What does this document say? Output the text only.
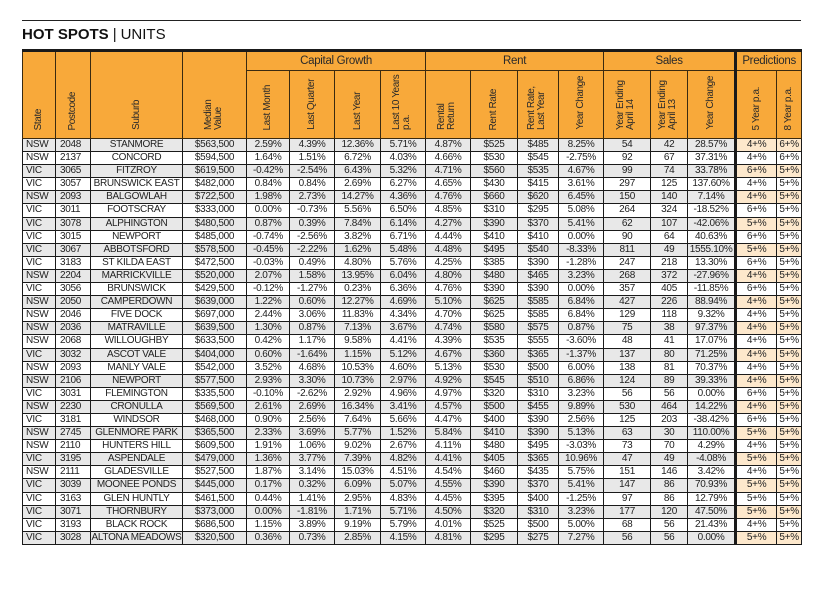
HOT SPOTS | UNITS
State	Postcode	Suburb	Median Value	Capital Growth				Rent				Sales			Predictions	
				Last Month	Last Quarter	Last Year	Last 10 Years p.a.	Rental Return	Rent Rate	Rent Rate, Last Year	Year Change	Year Ending April 14	Year Ending April 13	Year Change	5 Year p.a.	8 Year p.a.
NSW	2048	STANMORE	$563,500	2.59%	4.39%	12.36%	5.71%	4.87%	$525	$485	8.25%	54	42	28.57%	4+%	6+%
NSW	2137	CONCORD	$594,500	1.64%	1.51%	6.72%	4.03%	4.66%	$530	$545	-2.75%	92	67	37.31%	4+%	6+%
VIC	3065	FITZROY	$619,500	-0.42%	-2.54%	6.43%	5.32%	4.71%	$560	$535	4.67%	99	74	33.78%	6+%	5+%
VIC	3057	BRUNSWICK EAST	$482,000	0.84%	0.84%	2.69%	6.27%	4.65%	$430	$415	3.61%	297	125	137.60%	4+%	5+%
NSW	2093	BALGOWLAH	$722,500	1.98%	2.73%	14.27%	4.36%	4.76%	$660	$620	6.45%	150	140	7.14%	4+%	5+%
VIC	3011	FOOTSCRAY	$333,000	0.00%	-0.73%	5.56%	6.50%	4.85%	$310	$295	5.08%	264	324	-18.52%	6+%	5+%
VIC	3078	ALPHINGTON	$480,500	0.87%	0.39%	7.84%	6.14%	4.27%	$390	$370	5.41%	62	107	-42.06%	5+%	5+%
VIC	3015	NEWPORT	$485,000	-0.74%	-2.56%	3.82%	6.71%	4.44%	$410	$410	0.00%	90	64	40.63%	6+%	5+%
VIC	3067	ABBOTSFORD	$578,500	-0.45%	-2.22%	1.62%	5.48%	4.48%	$495	$540	-8.33%	811	49	1555.10%	5+%	5+%
VIC	3183	ST KILDA EAST	$472,500	-0.03%	0.49%	4.80%	5.76%	4.25%	$385	$390	-1.28%	247	218	13.30%	6+%	5+%
NSW	2204	MARRICKVILLE	$520,000	2.07%	1.58%	13.95%	6.04%	4.80%	$480	$465	3.23%	268	372	-27.96%	4+%	5+%
VIC	3056	BRUNSWICK	$429,500	-0.12%	-1.27%	0.23%	6.36%	4.76%	$390	$390	0.00%	357	405	-11.85%	6+%	5+%
NSW	2050	CAMPERDOWN	$639,000	1.22%	0.60%	12.27%	4.69%	5.10%	$625	$585	6.84%	427	226	88.94%	4+%	5+%
NSW	2046	FIVE DOCK	$697,000	2.44%	3.06%	11.83%	4.34%	4.70%	$625	$585	6.84%	129	118	9.32%	4+%	5+%
NSW	2036	MATRAVILLE	$639,500	1.30%	0.87%	7.13%	3.67%	4.74%	$580	$575	0.87%	75	38	97.37%	4+%	5+%
NSW	2068	WILLOUGHBY	$633,500	0.42%	1.17%	9.58%	4.41%	4.39%	$535	$555	-3.60%	48	41	17.07%	4+%	5+%
VIC	3032	ASCOT VALE	$404,000	0.60%	-1.64%	1.15%	5.12%	4.67%	$360	$365	-1.37%	137	80	71.25%	4+%	5+%
NSW	2093	MANLY VALE	$542,000	3.52%	4.68%	10.53%	4.60%	5.13%	$530	$500	6.00%	138	81	70.37%	4+%	5+%
NSW	2106	NEWPORT	$577,500	2.93%	3.30%	10.73%	2.97%	4.92%	$545	$510	6.86%	124	89	39.33%	4+%	5+%
VIC	3031	FLEMINGTON	$335,500	-0.10%	-2.62%	2.92%	4.96%	4.97%	$320	$310	3.23%	56	56	0.00%	6+%	5+%
NSW	2230	CRONULLA	$569,500	2.61%	2.69%	16.34%	3.41%	4.57%	$500	$455	9.89%	530	464	14.22%	4+%	5+%
VIC	3181	WINDSOR	$468,000	0.90%	2.56%	7.64%	5.66%	4.47%	$400	$390	2.56%	125	203	-38.42%	6+%	5+%
NSW	2745	GLENMORE PARK	$365,500	2.33%	3.69%	5.77%	1.52%	5.84%	$410	$390	5.13%	63	30	110.00%	5+%	5+%
NSW	2110	HUNTERS HILL	$609,500	1.91%	1.06%	9.02%	2.67%	4.11%	$480	$495	-3.03%	73	70	4.29%	4+%	5+%
VIC	3195	ASPENDALE	$479,000	1.36%	3.77%	7.39%	4.82%	4.41%	$405	$365	10.96%	47	49	-4.08%	5+%	5+%
NSW	2111	GLADESVILLE	$527,500	1.87%	3.14%	15.03%	4.51%	4.54%	$460	$435	5.75%	151	146	3.42%	4+%	5+%
VIC	3039	MOONEE PONDS	$445,000	0.17%	0.32%	6.09%	5.07%	4.55%	$390	$370	5.41%	147	86	70.93%	5+%	5+%
VIC	3163	GLEN HUNTLY	$461,500	0.44%	1.41%	2.95%	4.83%	4.45%	$395	$400	-1.25%	97	86	12.79%	5+%	5+%
VIC	3071	THORNBURY	$373,000	0.00%	-1.81%	1.71%	5.71%	4.50%	$320	$310	3.23%	177	120	47.50%	5+%	5+%
VIC	3193	BLACK ROCK	$686,500	1.15%	3.89%	9.19%	5.79%	4.01%	$525	$500	5.00%	68	56	21.43%	4+%	5+%
VIC	3028	ALTONA MEADOWS	$320,500	0.36%	0.73%	2.85%	4.15%	4.81%	$295	$275	7.27%	56	56	0.00%	5+%	5+%
